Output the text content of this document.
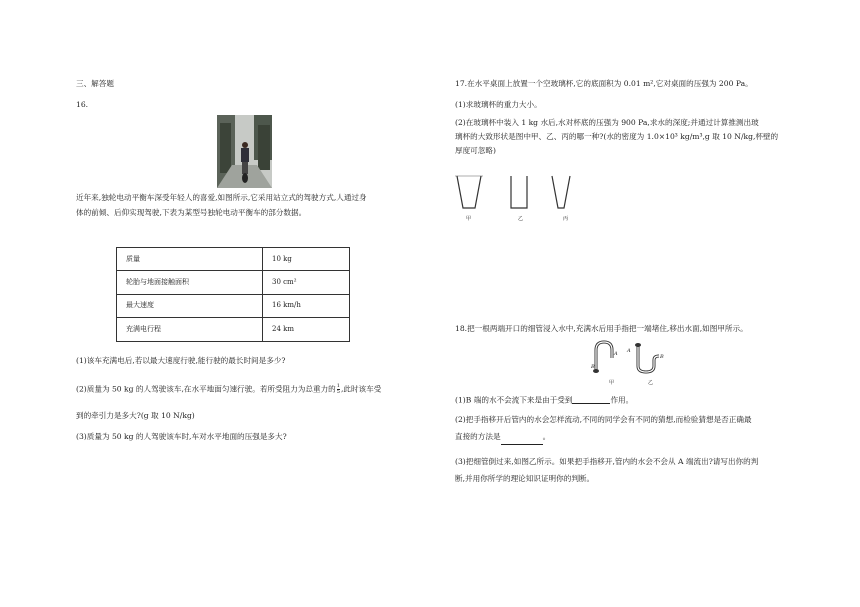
三、解答题
16.
近年来,独轮电动平衡车深受年轻人的喜爱,如图所示,它采用站立式的驾驶方式,人通过身
体的前倾、后仰实现驾驶,下表为某型号独轮电动平衡车的部分数据。
质量	10 kg
轮胎与地面接触面积	30 cm²
最大速度	16 km/h
充满电行程	24 km
(1)该车充满电后,若以最大速度行驶,能行驶的最长时间是多少?
(2)质量为 50 kg 的人驾驶该车,在水平地面匀速行驶。若所受阻力为总重力的 $\frac{1}{5}$ ,此时该车受
到的牵引力是多大?(g 取 10 N/kg)
(3)质量为 50 kg 的人驾驶该车时,车对水平地面的压强是多大?
17.在水平桌面上放置一个空玻璃杯,它的底面积为 0.01 m²,它对桌面的压强为 200 Pa。
(1)求玻璃杯的重力大小。
(2)在玻璃杯中装入 1 kg 水后,水对杯底的压强为 900 Pa,求水的深度;并通过计算推测出玻
璃杯的大致形状是图中甲、乙、丙的哪一种?(水的密度为 1.0×10³ kg/m³,g 取 10 N/kg,杯壁的
厚度可忽略)
甲	乙	丙
18.把一根两端开口的细管浸入水中,充满水后用手指把一端堵住,移出水面,如图甲所示。
A
B
甲
A
B
乙
(1)B 端的水不会流下来是由于受到	作用。
(2)把手指移开后管内的水会怎样流动,不同的同学会有不同的猜想,而检验猜想是否正确最
直接的方法是	。
(3)把细管倒过来,如图乙所示。如果把手指移开,管内的水会不会从 A 端流出?请写出你的判
断,并用你所学的理论知识证明你的判断。
